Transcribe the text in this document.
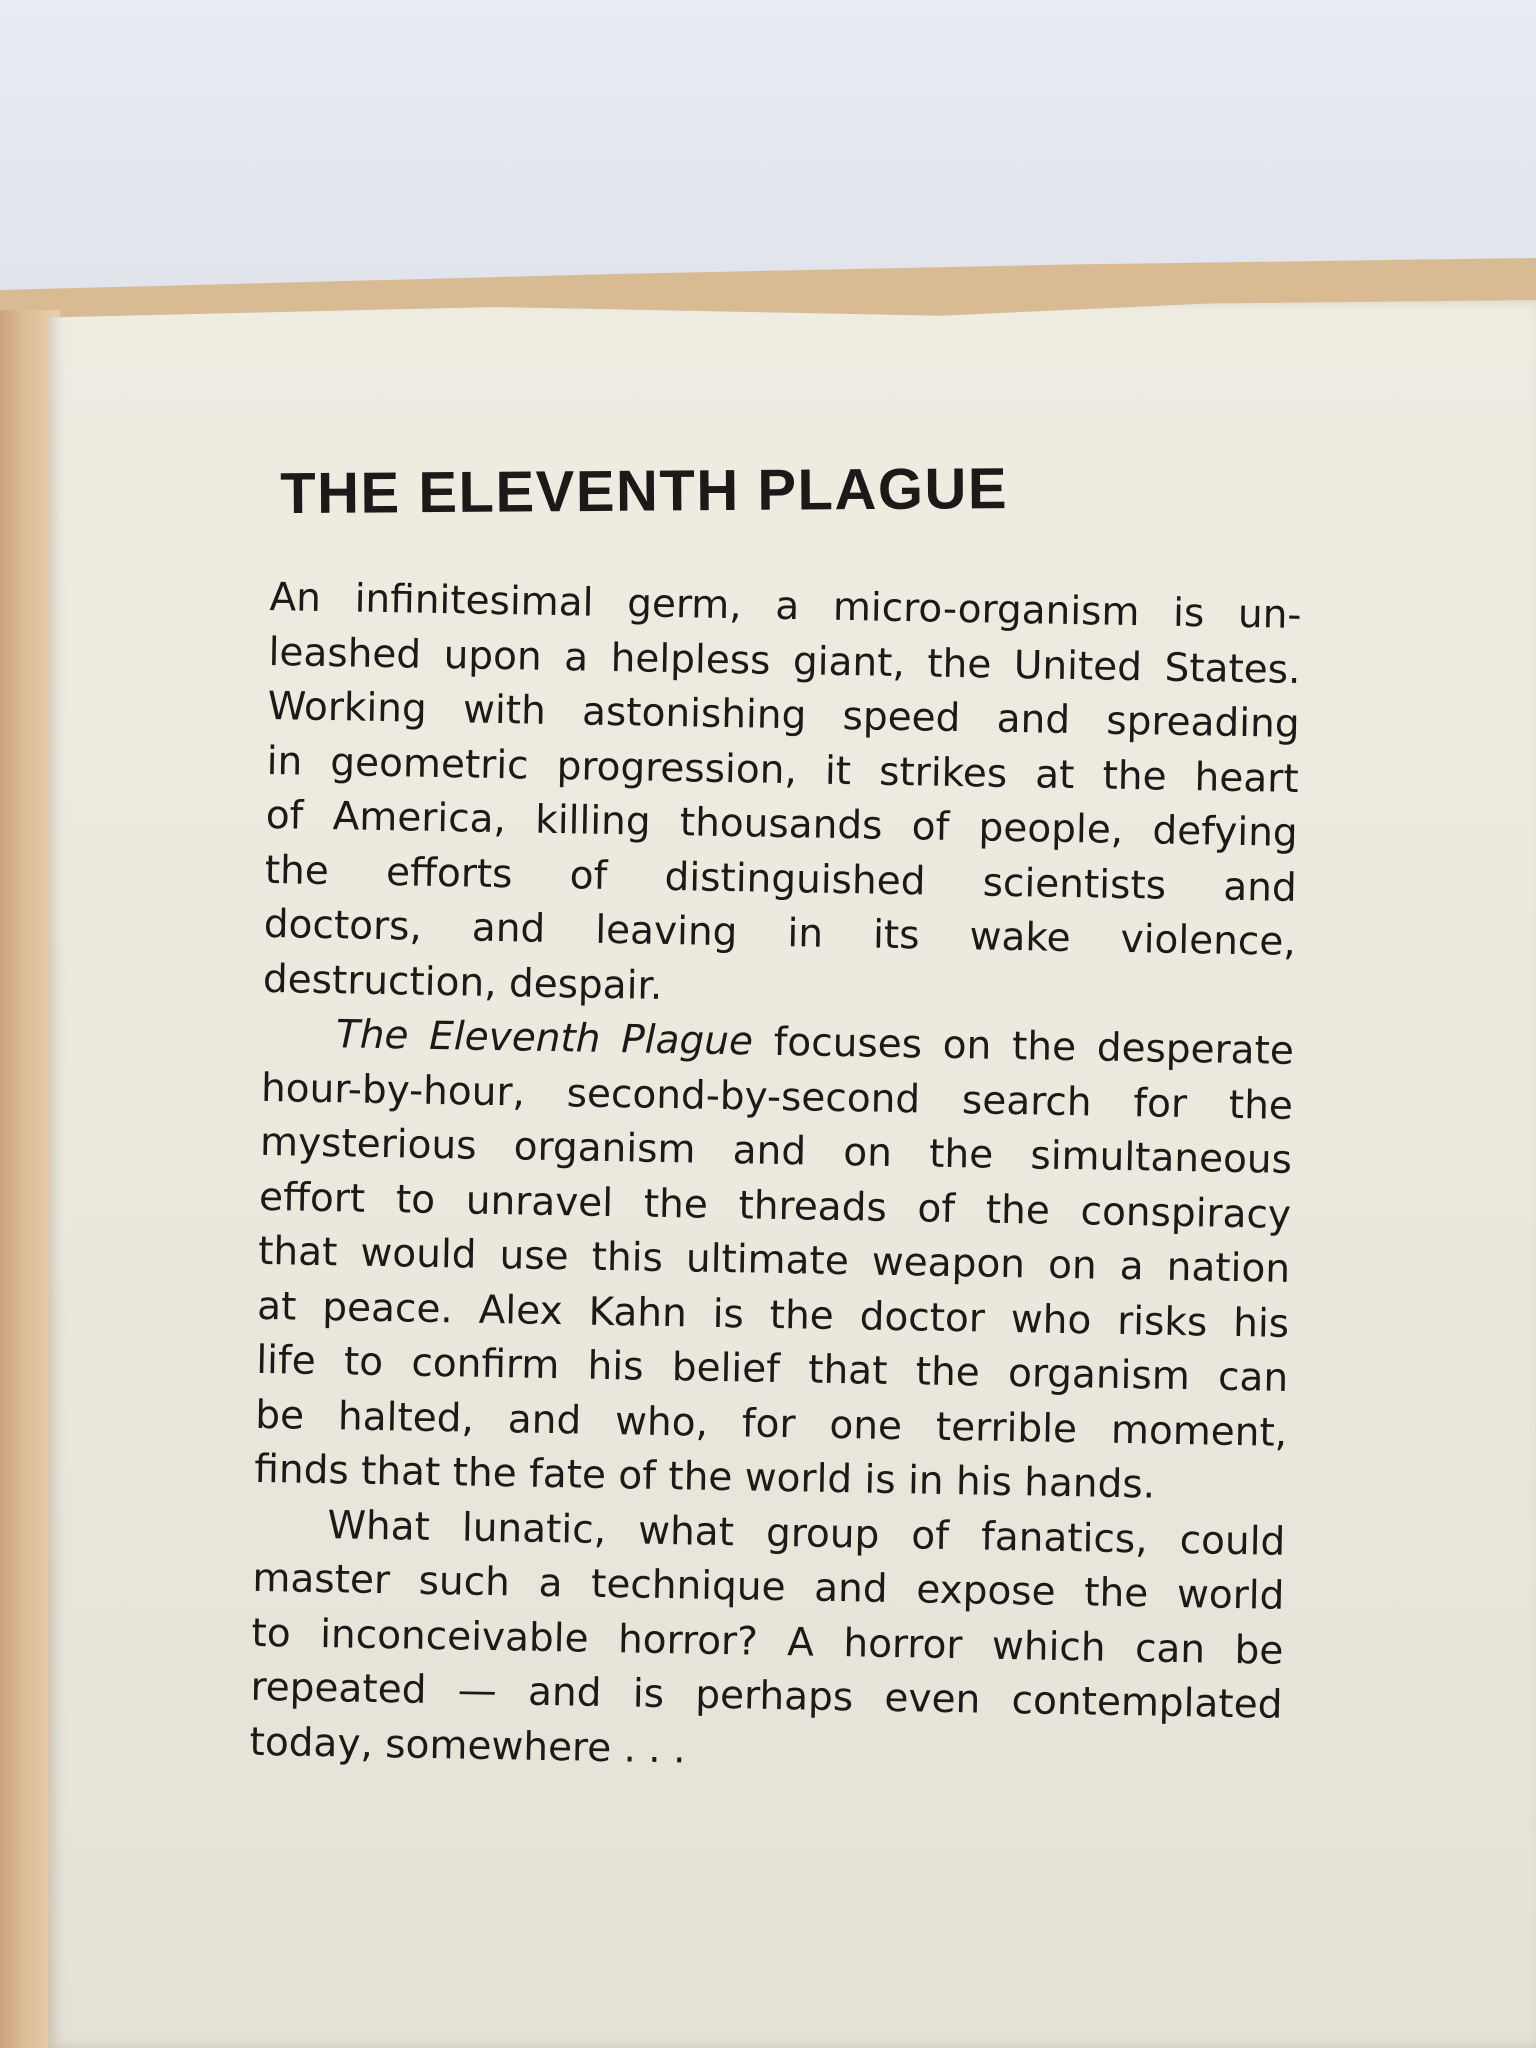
THE ELEVENTH PLAGUE
An infinitesimal germ, a micro-organism is un-
leashed upon a helpless giant, the United States.
Working with astonishing speed and spreading
in geometric progression, it strikes at the heart
of America, killing thousands of people, defying
the efforts of distinguished scientists and
doctors, and leaving in its wake violence,
destruction, despair.
The Eleventh Plague focuses on the desperate
hour-by-hour, second-by-second search for the
mysterious organism and on the simultaneous
effort to unravel the threads of the conspiracy
that would use this ultimate weapon on a nation
at peace. Alex Kahn is the doctor who risks his
life to confirm his belief that the organism can
be halted, and who, for one terrible moment,
finds that the fate of the world is in his hands.
What lunatic, what group of fanatics, could
master such a technique and expose the world
to inconceivable horror? A horror which can be
repeated — and is perhaps even contemplated
today, somewhere . . .
